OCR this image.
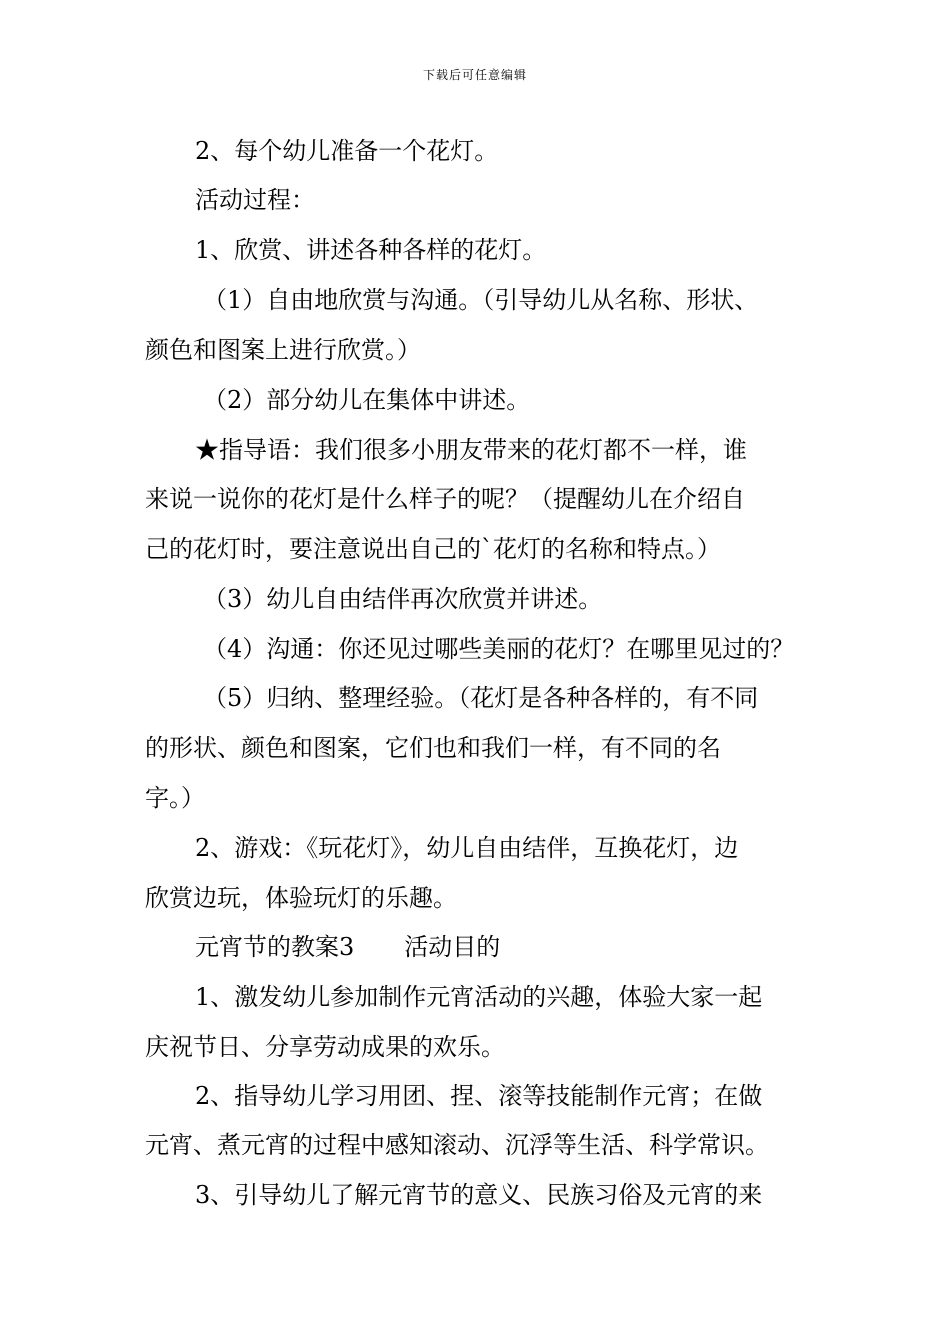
下载后可任意编辑
2、每个幼儿准备一个花灯。
活动过程：
1、欣赏、讲述各种各样的花灯。
（1）自由地欣赏与沟通。（引导幼儿从名称、形状、
颜色和图案上进行欣赏。）
（2）部分幼儿在集体中讲述。
★指导语：我们很多小朋友带来的花灯都不一样，谁
来说一说你的花灯是什么样子的呢？（提醒幼儿在介绍自
己的花灯时，要注意说出自己的`花灯的名称和特点。）
（3）幼儿自由结伴再次欣赏并讲述。
（4）沟通：你还见过哪些美丽的花灯？在哪里见过的？
（5）归纳、整理经验。（花灯是各种各样的，有不同
的形状、颜色和图案，它们也和我们一样，有不同的名
字。）
2、游戏：《玩花灯》，幼儿自由结伴，互换花灯，边
欣赏边玩，体验玩灯的乐趣。
元宵节的教案3 活动目的
1、激发幼儿参加制作元宵活动的兴趣，体验大家一起
庆祝节日、分享劳动成果的欢乐。
2、指导幼儿学习用团、捏、滚等技能制作元宵；在做
元宵、煮元宵的过程中感知滚动、沉浮等生活、科学常识。
3、引导幼儿了解元宵节的意义、民族习俗及元宵的来
